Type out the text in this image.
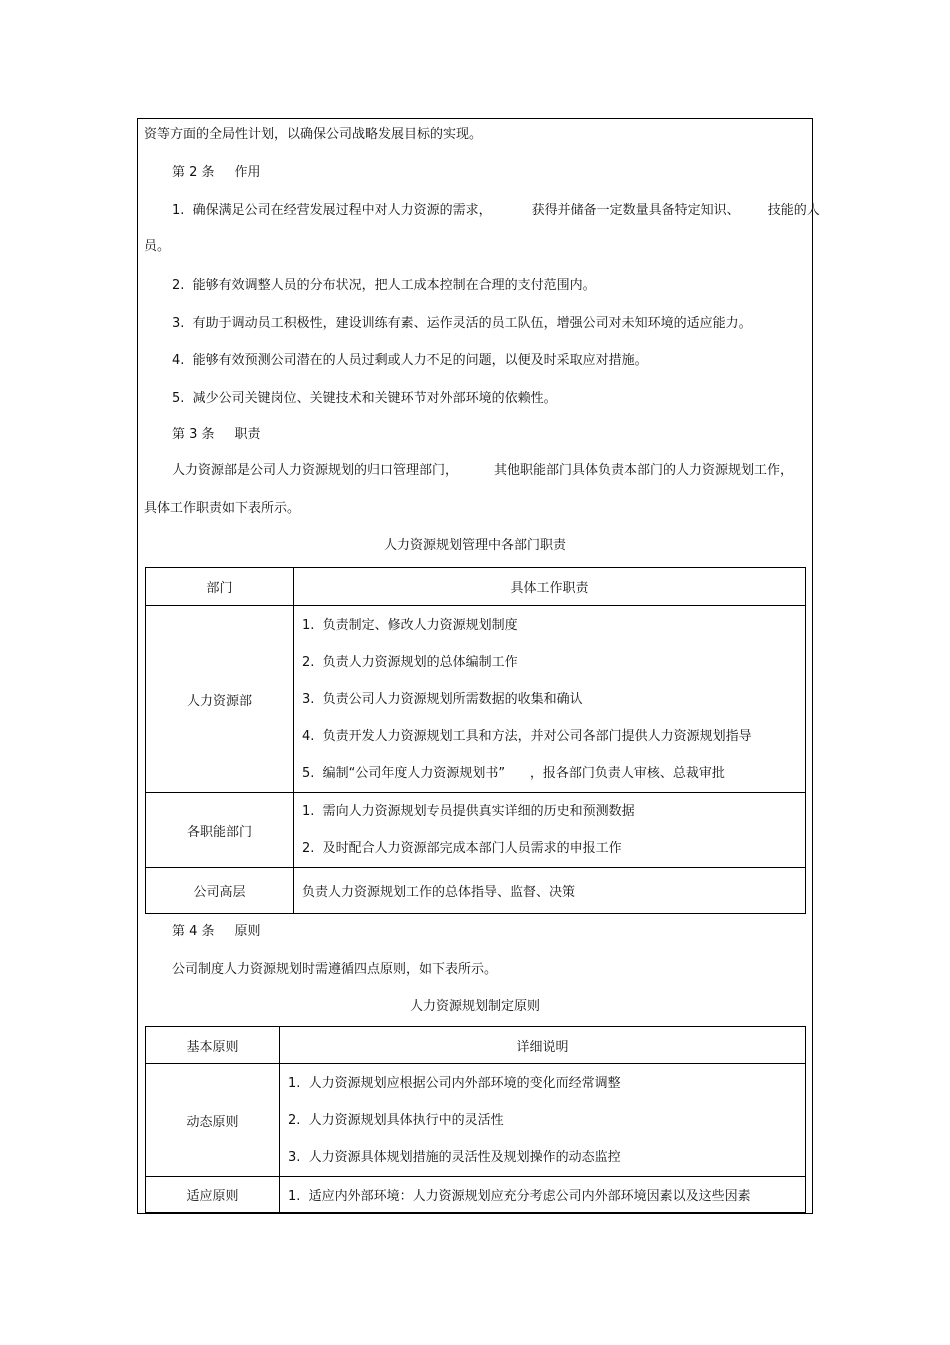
资等方面的全局性计划，以确保公司战略发展目标的实现。
第 2 条 作用
1.  确保满足公司在经营发展过程中对人力资源的需求，	获得并储备一定数量具备特定知识、 技能的人
员。
2.  能够有效调整人员的分布状况，把人工成本控制在合理的支付范围内。
3.  有助于调动员工积极性，建设训练有素、运作灵活的员工队伍，增强公司对未知环境的适应能力。
4.  能够有效预测公司潜在的人员过剩或人力不足的问题，以便及时采取应对措施。
5.  减少公司关键岗位、关键技术和关键环节对外部环境的依赖性。
第 3 条 职责
人力资源部是公司人力资源规划的归口管理部门，	其他职能部门具体负责本部门的人力资源规划工作，
具体工作职责如下表所示。
人力资源规划管理中各部门职责
部门	具体工作职责
人力资源部	1.  负责制定、修改人力资源规划制度
2.  负责人力资源规划的总体编制工作
3.  负责公司人力资源规划所需数据的收集和确认
4.  负责开发人力资源规划工具和方法，并对公司各部门提供人力资源规划指导
5.  编制“公司年度人力资源规划书”      ，报各部门负责人审核、总裁审批

各职能部门	1.  需向人力资源规划专员提供真实详细的历史和预测数据
2.  及时配合人力资源部完成本部门人员需求的申报工作

公司高层	负责人力资源规划工作的总体指导、监督、决策
第 4 条 原则
公司制度人力资源规划时需遵循四点原则，如下表所示。
人力资源规划制定原则
基本原则	详细说明
动态原则	1.  人力资源规划应根据公司内外部环境的变化而经常调整
2.  人力资源规划具体执行中的灵活性
3.  人力资源具体规划措施的灵活性及规划操作的动态监控

适应原则	1.  适应内外部环境：人力资源规划应充分考虑公司内外部环境因素以及这些因素
